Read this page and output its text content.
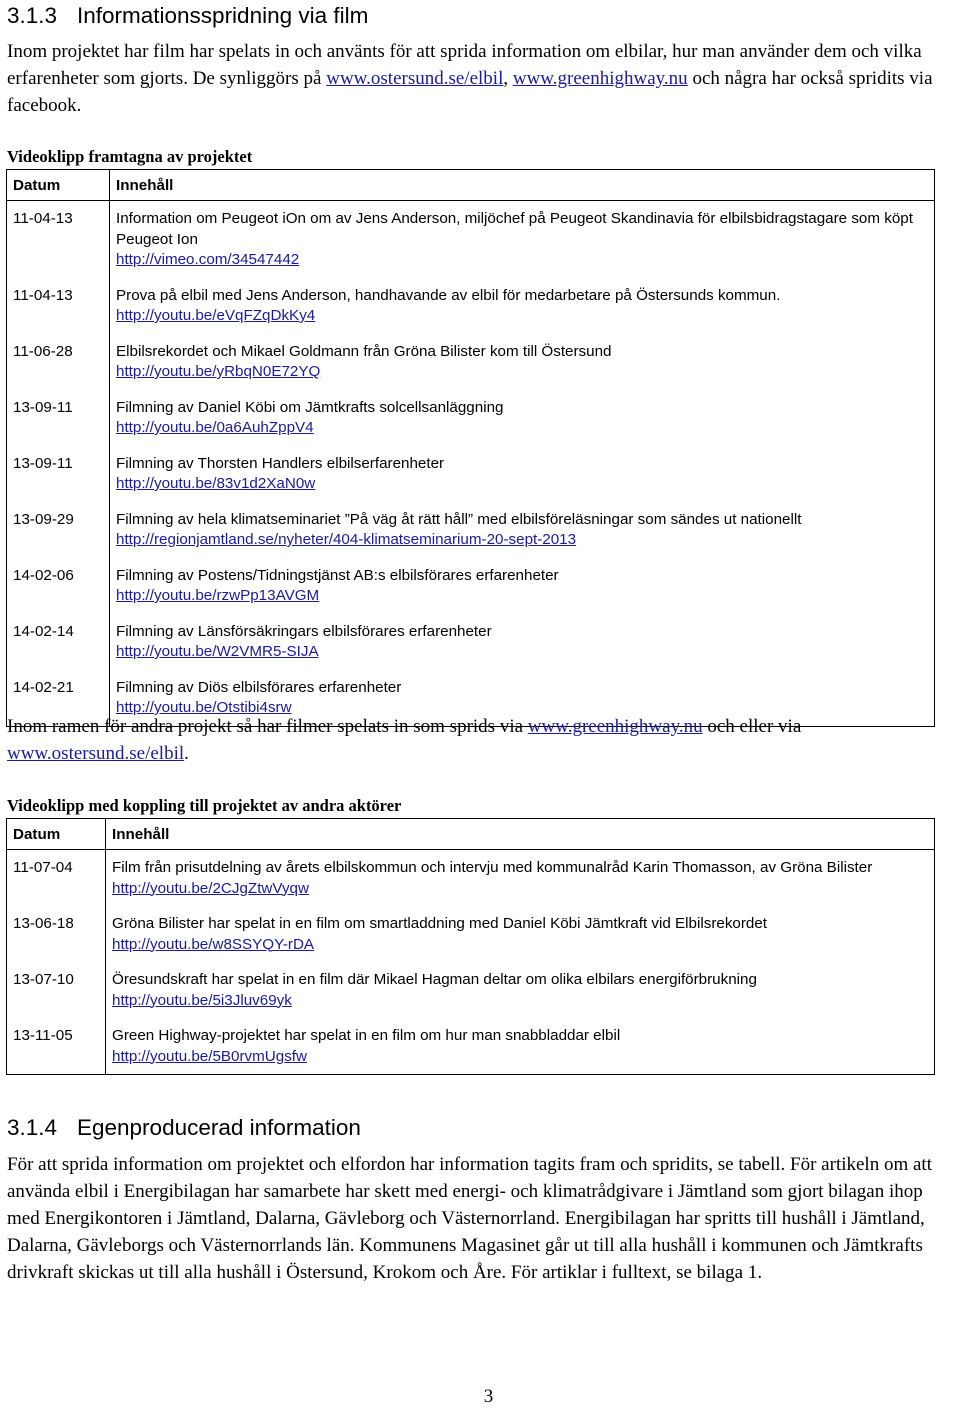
3.1.3 Informationsspridning via film

Inom projektet har film har spelats in och använts för att sprida information om elbilar, hur man använder dem och vilka erfarenheter som gjorts. De synliggörs på www.ostersund.se/elbil, www.greenhighway.nu och några har också spridits via facebook.

Videoklipp framtagna av projektet
Datum	Innehåll
11-04-13	Information om Peugeot iOn om av Jens Anderson, miljöchef på Peugeot Skandinavia för elbilsbidragstagare som köpt Peugeot Ion
http://vimeo.com/34547442

11-04-13	Prova på elbil med Jens Anderson, handhavande av elbil för medarbetare på Östersunds kommun.
http://youtu.be/eVqFZqDkKy4

11-06-28	Elbilsrekordet och Mikael Goldmann från Gröna Bilister kom till Östersund
http://youtu.be/yRbqN0E72YQ

13-09-11	Filmning av Daniel Köbi om Jämtkrafts solcellsanläggning
http://youtu.be/0a6AuhZppV4

13-09-11	Filmning av Thorsten Handlers elbilserfarenheter
http://youtu.be/83v1d2XaN0w

13-09-29	Filmning av hela klimatseminariet ”På väg åt rätt håll” med elbilsföreläsningar som sändes ut nationellt
http://regionjamtland.se/nyheter/404-klimatseminarium-20-sept-2013

14-02-06	Filmning av Postens/Tidningstjänst AB:s elbilsförares erfarenheter
http://youtu.be/rzwPp13AVGM

14-02-14	Filmning av Länsförsäkringars elbilsförares erfarenheter
http://youtu.be/W2VMR5-SIJA

14-02-21	Filmning av Diös elbilsförares erfarenheter
http://youtu.be/Otstibi4srw

Inom ramen för andra projekt så har filmer spelats in som sprids via www.greenhighway.nu och eller via www.ostersund.se/elbil.

Videoklipp med koppling till projektet av andra aktörer
Datum	Innehåll
11-07-04	Film från prisutdelning av årets elbilskommun och intervju med kommunalråd Karin Thomasson, av Gröna Bilister
http://youtu.be/2CJgZtwVyqw

13-06-18	Gröna Bilister har spelat in en film om smartladdning med Daniel Köbi Jämtkraft vid Elbilsrekordet
http://youtu.be/w8SSYQY-rDA

13-07-10	Öresundskraft har spelat in en film där Mikael Hagman deltar om olika elbilars energiförbrukning
http://youtu.be/5i3Jluv69yk

13-11-05	Green Highway-projektet har spelat in en film om hur man snabbladdar elbil
http://youtu.be/5B0rvmUgsfw
3.1.4 Egenproducerad information

För att sprida information om projektet och elfordon har information tagits fram och spridits, se tabell. För artikeln om att använda elbil i Energibilagan har samarbete har skett med energi- och klimatrådgivare i Jämtland som gjort bilagan ihop med Energikontoren i Jämtland, Dalarna, Gävleborg och Västernorrland. Energibilagan har spritts till hushåll i Jämtland, Dalarna, Gävleborgs och Västernorrlands län. Kommunens Magasinet går ut till alla hushåll i kommunen och Jämtkrafts drivkraft skickas ut till alla hushåll i Östersund, Krokom och Åre. För artiklar i fulltext, se bilaga 1.

3
